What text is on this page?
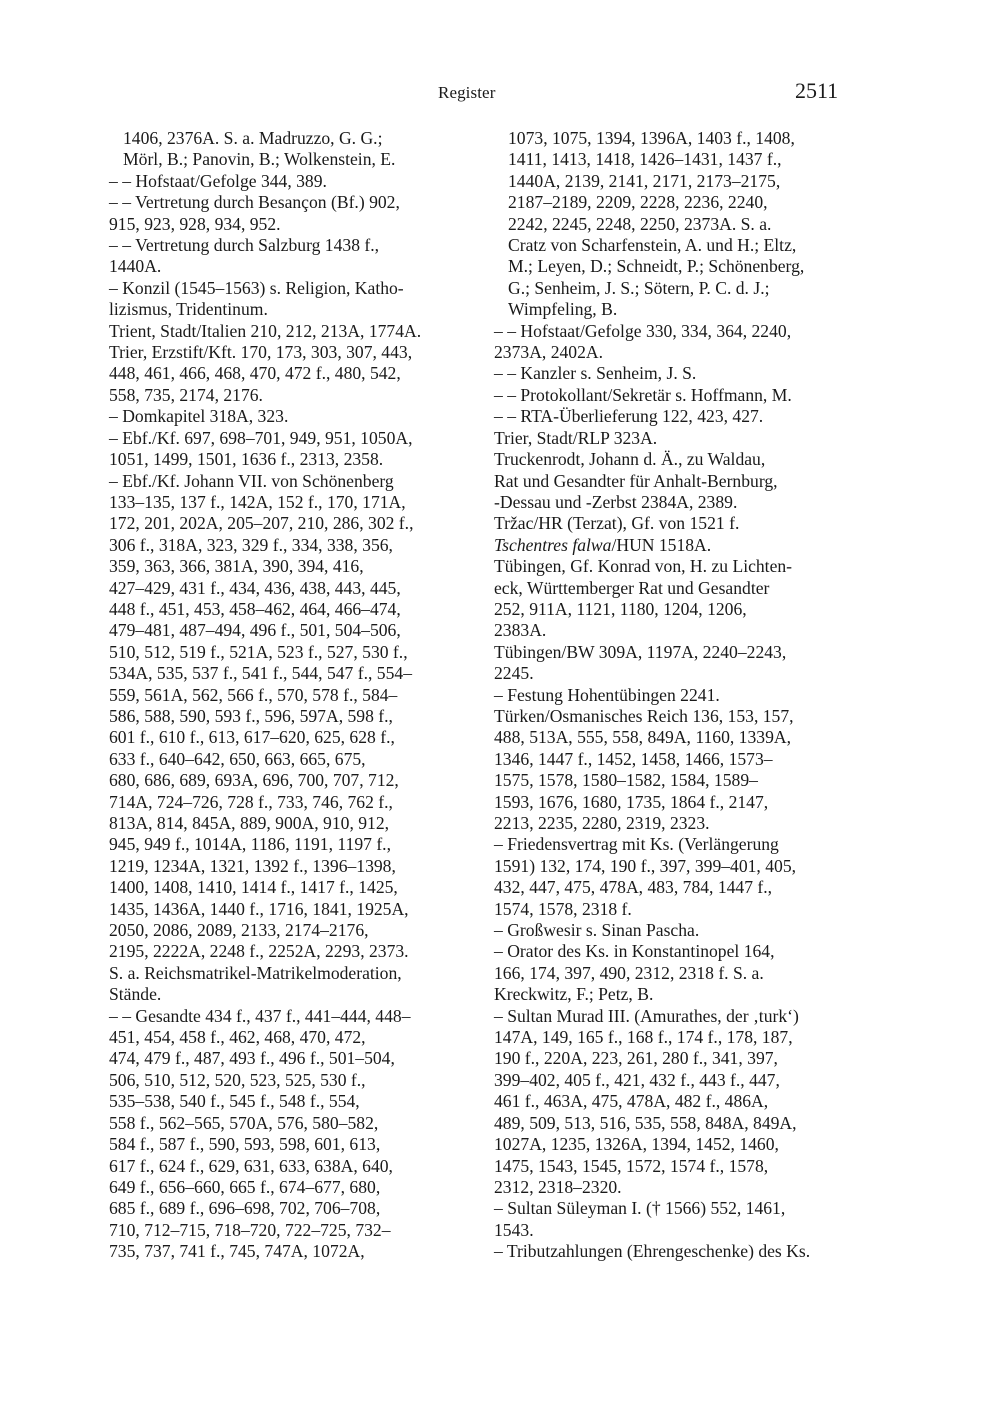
Register	2511
1406, 2376A. S. a. Madruzzo, G. G.;
Mörl, B.; Panovin, B.; Wolkenstein, E.
– – Hofstaat/Gefolge 344, 389.
– – Vertretung durch Besançon (Bf.) 902,
915, 923, 928, 934, 952.
– – Vertretung durch Salzburg 1438 f.,
1440A.
– Konzil (1545–1563) s. Religion, Katho-
lizismus, Tridentinum.
Trient, Stadt/Italien 210, 212, 213A, 1774A.
Trier, Erzstift/Kft. 170, 173, 303, 307, 443,
448, 461, 466, 468, 470, 472 f., 480, 542,
558, 735, 2174, 2176.
– Domkapitel 318A, 323.
– Ebf./Kf. 697, 698–701, 949, 951, 1050A,
1051, 1499, 1501, 1636 f., 2313, 2358.
– Ebf./Kf. Johann VII. von Schönenberg
133–135, 137 f., 142A, 152 f., 170, 171A,
172, 201, 202A, 205–207, 210, 286, 302 f.,
306 f., 318A, 323, 329 f., 334, 338, 356,
359, 363, 366, 381A, 390, 394, 416,
427–429, 431 f., 434, 436, 438, 443, 445,
448 f., 451, 453, 458–462, 464, 466–474,
479–481, 487–494, 496 f., 501, 504–506,
510, 512, 519 f., 521A, 523 f., 527, 530 f.,
534A, 535, 537 f., 541 f., 544, 547 f., 554–
559, 561A, 562, 566 f., 570, 578 f., 584–
586, 588, 590, 593 f., 596, 597A, 598 f.,
601 f., 610 f., 613, 617–620, 625, 628 f.,
633 f., 640–642, 650, 663, 665, 675,
680, 686, 689, 693A, 696, 700, 707, 712,
714A, 724–726, 728 f., 733, 746, 762 f.,
813A, 814, 845A, 889, 900A, 910, 912,
945, 949 f., 1014A, 1186, 1191, 1197 f.,
1219, 1234A, 1321, 1392 f., 1396–1398,
1400, 1408, 1410, 1414 f., 1417 f., 1425,
1435, 1436A, 1440 f., 1716, 1841, 1925A,
2050, 2086, 2089, 2133, 2174–2176,
2195, 2222A, 2248 f., 2252A, 2293, 2373.
S. a. Reichsmatrikel-Matrikelmoderation,
Stände.
– – Gesandte 434 f., 437 f., 441–444, 448–
451, 454, 458 f., 462, 468, 470, 472,
474, 479 f., 487, 493 f., 496 f., 501–504,
506, 510, 512, 520, 523, 525, 530 f.,
535–538, 540 f., 545 f., 548 f., 554,
558 f., 562–565, 570A, 576, 580–582,
584 f., 587 f., 590, 593, 598, 601, 613,
617 f., 624 f., 629, 631, 633, 638A, 640,
649 f., 656–660, 665 f., 674–677, 680,
685 f., 689 f., 696–698, 702, 706–708,
710, 712–715, 718–720, 722–725, 732–
735, 737, 741 f., 745, 747A, 1072A,
1073, 1075, 1394, 1396A, 1403 f., 1408,
1411, 1413, 1418, 1426–1431, 1437 f.,
1440A, 2139, 2141, 2171, 2173–2175,
2187–2189, 2209, 2228, 2236, 2240,
2242, 2245, 2248, 2250, 2373A. S. a.
Cratz von Scharfenstein, A. und H.; Eltz,
M.; Leyen, D.; Schneidt, P.; Schönenberg,
G.; Senheim, J. S.; Sötern, P. C. d. J.;
Wimpfeling, B.
– – Hofstaat/Gefolge 330, 334, 364, 2240,
2373A, 2402A.
– – Kanzler s. Senheim, J. S.
– – Protokollant/Sekretär s. Hoffmann, M.
– – RTA-Überlieferung 122, 423, 427.
Trier, Stadt/RLP 323A.
Truckenrodt, Johann d. Ä., zu Waldau,
Rat und Gesandter für Anhalt-Bernburg,
-Dessau und -Zerbst 2384A, 2389.
Tržac/HR (Terzat), Gf. von 1521 f.
Tschentres falwa/HUN 1518A.
Tübingen, Gf. Konrad von, H. zu Lichten-
eck, Württemberger Rat und Gesandter
252, 911A, 1121, 1180, 1204, 1206,
2383A.
Tübingen/BW 309A, 1197A, 2240–2243,
2245.
– Festung Hohentübingen 2241.
Türken/Osmanisches Reich 136, 153, 157,
488, 513A, 555, 558, 849A, 1160, 1339A,
1346, 1447 f., 1452, 1458, 1466, 1573–
1575, 1578, 1580–1582, 1584, 1589–
1593, 1676, 1680, 1735, 1864 f., 2147,
2213, 2235, 2280, 2319, 2323.
– Friedensvertrag mit Ks. (Verlängerung
1591) 132, 174, 190 f., 397, 399–401, 405,
432, 447, 475, 478A, 483, 784, 1447 f.,
1574, 1578, 2318 f.
– Großwesir s. Sinan Pascha.
– Orator des Ks. in Konstantinopel 164,
166, 174, 397, 490, 2312, 2318 f. S. a.
Kreckwitz, F.; Petz, B.
– Sultan Murad III. (Amurathes, der ‚turk‘)
147A, 149, 165 f., 168 f., 174 f., 178, 187,
190 f., 220A, 223, 261, 280 f., 341, 397,
399–402, 405 f., 421, 432 f., 443 f., 447,
461 f., 463A, 475, 478A, 482 f., 486A,
489, 509, 513, 516, 535, 558, 848A, 849A,
1027A, 1235, 1326A, 1394, 1452, 1460,
1475, 1543, 1545, 1572, 1574 f., 1578,
2312, 2318–2320.
– Sultan Süleyman I. († 1566) 552, 1461,
1543.
– Tributzahlungen (Ehrengeschenke) des Ks.
